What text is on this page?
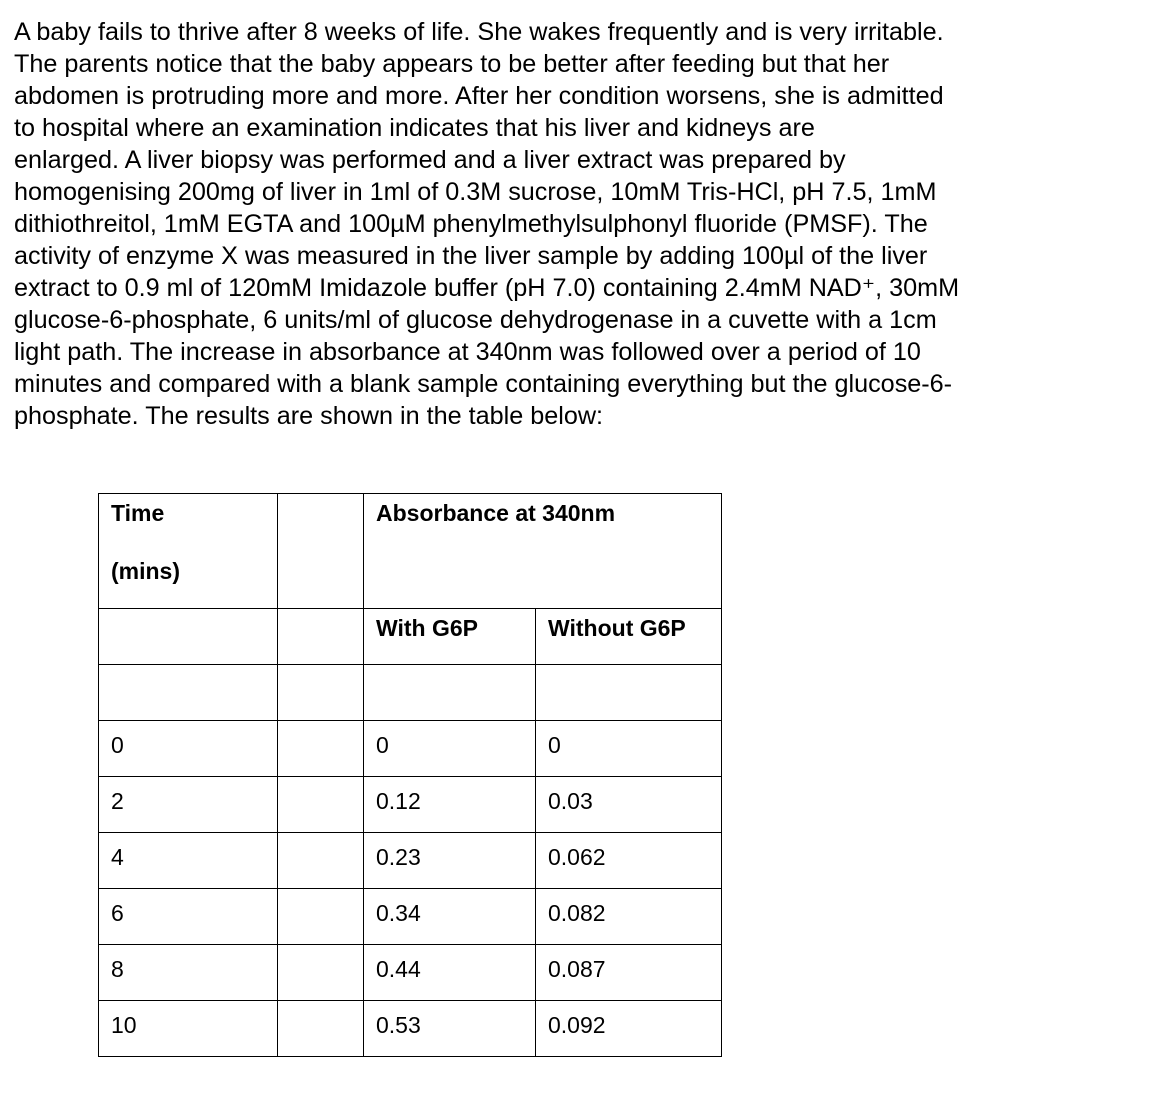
A baby fails to thrive after 8 weeks of life. She wakes frequently and is very irritable.
The parents notice that the baby appears to be better after feeding but that her
abdomen is protruding more and more. After her condition worsens, she is admitted
to hospital where an examination indicates that his liver and kidneys are
enlarged. A liver biopsy was performed and a liver extract was prepared by
homogenising 200mg of liver in 1ml of 0.3M sucrose, 10mM Tris-HCl, pH 7.5, 1mM
dithiothreitol, 1mM EGTA and 100µM phenylmethylsulphonyl fluoride (PMSF). The
activity of enzyme X was measured in the liver sample by adding 100µl of the liver
extract to 0.9 ml of 120mM Imidazole buffer (pH 7.0) containing 2.4mM NAD⁺, 30mM
glucose-6-phosphate, 6 units/ml of glucose dehydrogenase in a cuvette with a 1cm
light path. The increase in absorbance at 340nm was followed over a period of 10
minutes and compared with a blank sample containing everything but the glucose-6-
phosphate. The results are shown in the table below:
Time
(mins)		Absorbance at 340nm	
		With G6P	Without G6P

0		0	0
2		0.12	0.03
4		0.23	0.062
6		0.34	0.082
8		0.44	0.087
10		0.53	0.092
